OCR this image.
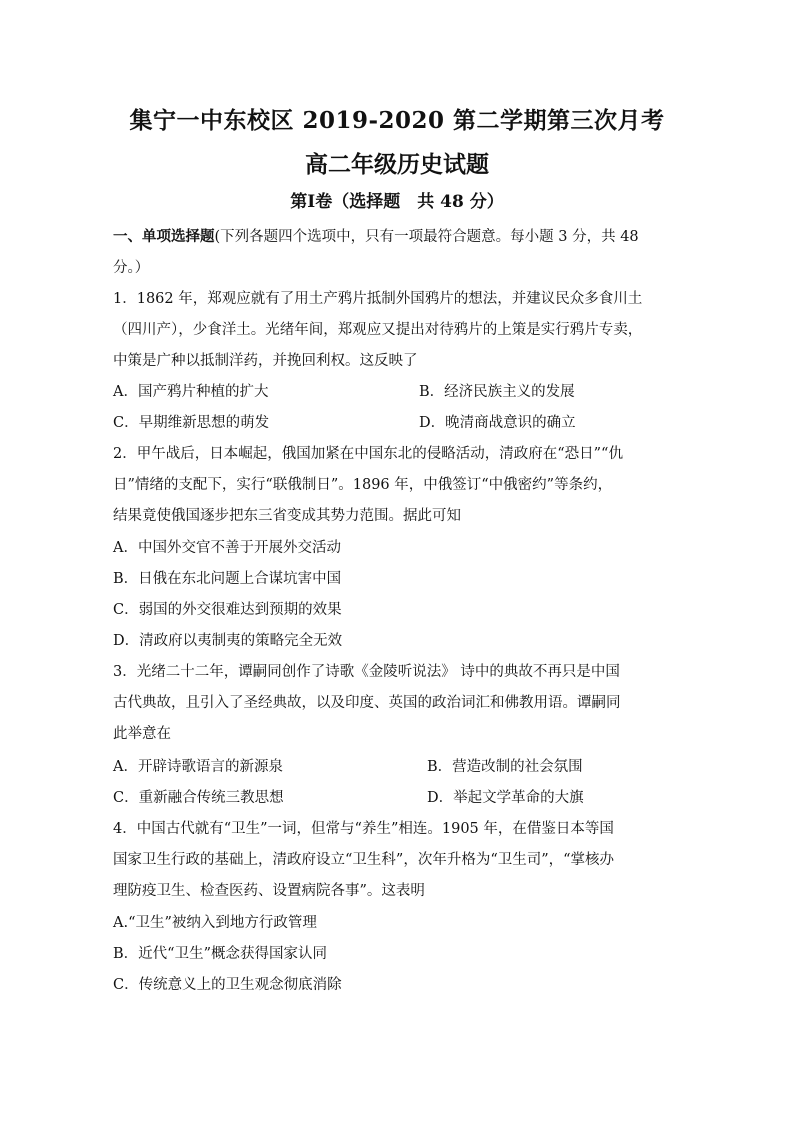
集宁一中东校区 2019-2020 第二学期第三次月考
高二年级历史试题
第Ⅰ卷（选择题　共 48 分）
一、单项选择题(下列各题四个选项中，只有一项最符合题意。每小题 3 分，共 48
分。）
1．1862 年，郑观应就有了用土产鸦片抵制外国鸦片的想法，并建议民众多食川土
（四川产），少食洋土。光绪年间，郑观应又提出对待鸦片的上策是实行鸦片专卖，
中策是广种以抵制洋药，并挽回利权。这反映了
A．国产鸦片种植的扩大	B．经济民族主义的发展
C．早期维新思想的萌发	D．晚清商战意识的确立
2．甲午战后，日本崛起，俄国加紧在中国东北的侵略活动，清政府在“恐日”“仇
日”情绪的支配下，实行“联俄制日”。1896 年，中俄签订“中俄密约”等条约，
结果竟使俄国逐步把东三省变成其势力范围。据此可知
A．中国外交官不善于开展外交活动
B．日俄在东北问题上合谋坑害中国
C．弱国的外交很难达到预期的效果
D．清政府以夷制夷的策略完全无效
3．光绪二十二年，谭嗣同创作了诗歌《金陵听说法》 诗中的典故不再只是中国
古代典故，且引入了圣经典故，以及印度、英国的政治词汇和佛教用语。谭嗣同
此举意在
A．开辟诗歌语言的新源泉	B．营造改制的社会氛围
C．重新融合传统三教思想	D．举起文学革命的大旗
4．中国古代就有“卫生”一词，但常与“养生”相连。1905 年，在借鉴日本等国
国家卫生行政的基础上，清政府设立“卫生科”，次年升格为“卫生司”，“掌核办
理防疫卫生、检查医药、设置病院各事”。这表明
A.“卫生”被纳入到地方行政管理
B．近代“卫生”概念获得国家认同
C．传统意义上的卫生观念彻底消除
